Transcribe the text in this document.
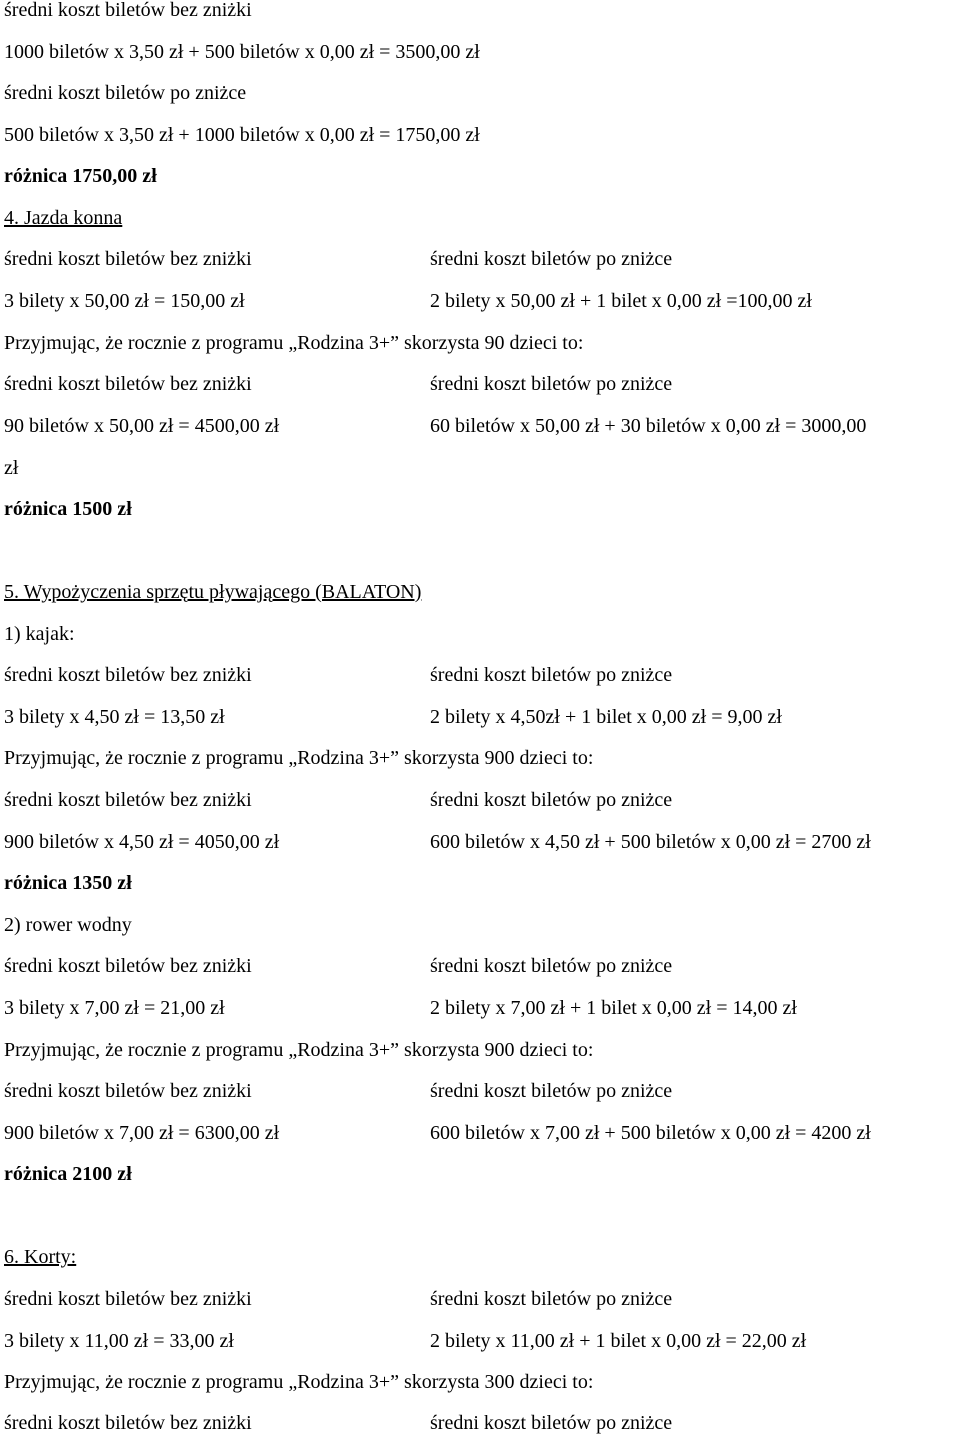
średni koszt biletów bez zniżki
1000 biletów x 3,50 zł + 500 biletów x 0,00 zł = 3500,00 zł
średni koszt biletów po zniżce
500 biletów x 3,50 zł + 1000 biletów x 0,00 zł = 1750,00 zł
różnica 1750,00 zł
4. Jazda konna
średni koszt biletów bez zniżki	średni koszt biletów po zniżce
3 bilety x 50,00 zł = 150,00 zł	2 bilety x 50,00 zł + 1 bilet x 0,00 zł =100,00 zł
Przyjmując, że rocznie z programu „Rodzina 3+” skorzysta 90 dzieci to:
średni koszt biletów bez zniżki	średni koszt biletów po zniżce
90 biletów x 50,00 zł = 4500,00 zł	60 biletów x 50,00 zł + 30 biletów x 0,00 zł = 3000,00
zł
różnica 1500 zł
5. Wypożyczenia sprzętu pływającego (BALATON)
1) kajak:
średni koszt biletów bez zniżki	średni koszt biletów po zniżce
3 bilety x 4,50 zł = 13,50 zł	2 bilety x 4,50zł + 1 bilet x 0,00 zł = 9,00 zł
Przyjmując, że rocznie z programu „Rodzina 3+” skorzysta 900 dzieci to:
średni koszt biletów bez zniżki	średni koszt biletów po zniżce
900 biletów x 4,50 zł = 4050,00 zł	600 biletów x 4,50 zł + 500 biletów x 0,00 zł = 2700 zł
różnica 1350 zł
2) rower wodny
średni koszt biletów bez zniżki	średni koszt biletów po zniżce
3 bilety x 7,00 zł = 21,00 zł	2 bilety x 7,00 zł + 1 bilet x 0,00 zł = 14,00 zł
Przyjmując, że rocznie z programu „Rodzina 3+” skorzysta 900 dzieci to:
średni koszt biletów bez zniżki	średni koszt biletów po zniżce
900 biletów x 7,00 zł = 6300,00 zł	600 biletów x 7,00 zł + 500 biletów x 0,00 zł = 4200 zł
różnica 2100 zł
6. Korty:
średni koszt biletów bez zniżki	średni koszt biletów po zniżce
3 bilety x 11,00 zł = 33,00 zł	2 bilety x 11,00 zł + 1 bilet x 0,00 zł = 22,00 zł
Przyjmując, że rocznie z programu „Rodzina 3+” skorzysta 300 dzieci to:
średni koszt biletów bez zniżki	średni koszt biletów po zniżce
